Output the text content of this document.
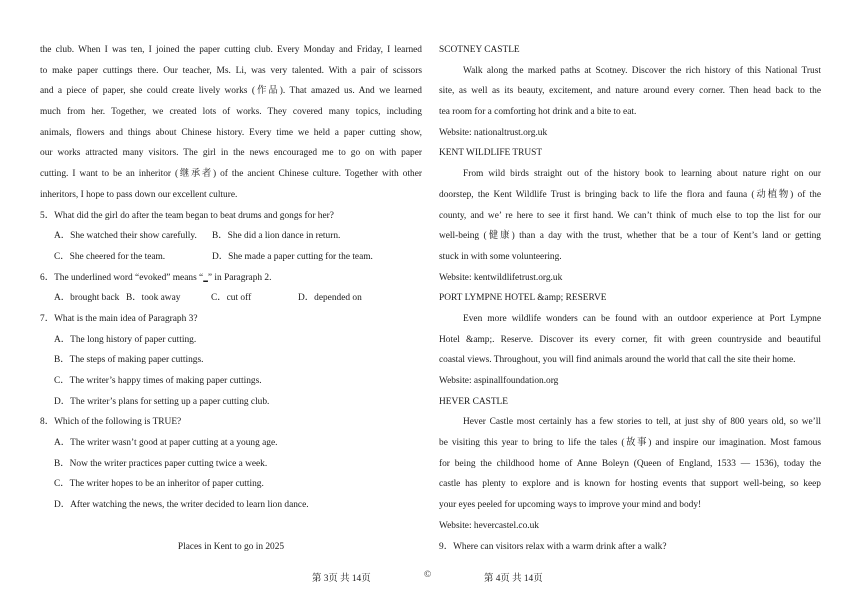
the club. When I was ten, I joined the paper cutting club. Every Monday and Friday, I learned
to make paper cuttings there. Our teacher, Ms. Li, was very talented. With a pair of scissors
and a piece of paper, she could create lively works (作品). That amazed us. And we learned
much from her. Together, we created lots of works. They covered many topics, including
animals, flowers and things about Chinese history. Every time we held a paper cutting show,
our works attracted many visitors. The girl in the news encouraged me to go on with paper
cutting. I want to be an inheritor (继承者) of the ancient Chinese culture. Together with other
inheritors, I hope to pass down our excellent culture.
5．What did the girl do after the team began to beat drums and gongs for her?
A．She watched their show carefully.	B．She did a lion dance in return.
C．She cheered for the team.	D．She made a paper cutting for the team.
6．The underlined word “evoked” means “_” in Paragraph 2.
A．brought back B．took away	C．cut off	D．depended on
7．What is the main idea of Paragraph 3?
A．The long history of paper cutting.
B．The steps of making paper cuttings.
C．The writer’s happy times of making paper cuttings.
D．The writer’s plans for setting up a paper cutting club.
8．Which of the following is TRUE?
A．The writer wasn’t good at paper cutting at a young age.
B．Now the writer practices paper cutting twice a week.
C．The writer hopes to be an inheritor of paper cutting.
D．After watching the news, the writer decided to learn lion dance.
Places in Kent to go in 2025
SCOTNEY CASTLE
Walk along the marked paths at Scotney. Discover the rich history of this National Trust
site, as well as its beauty, excitement, and nature around every corner. Then head back to the
tea room for a comforting hot drink and a bite to eat.
Website: nationaltrust.org.uk
KENT WILDLIFE TRUST
From wild birds straight out of the history book to learning about nature right on our
doorstep, the Kent Wildlife Trust is bringing back to life the flora and fauna (动植物) of the
county, and we’ re here to see it first hand. We can’t think of much else to top the list for our
well-being (健康) than a day with the trust, whether that be a tour of Kent’s land or getting
stuck in with some volunteering.
Website: kentwildlifetrust.org.uk
PORT LYMPNE HOTEL &amp; RESERVE
Even more wildlife wonders can be found with an outdoor experience at Port Lympne
Hotel &amp;. Reserve. Discover its every corner, fit with green countryside and beautiful
coastal views. Throughout, you will find animals around the world that call the site their home.
Website: aspinallfoundation.org
HEVER CASTLE
Hever Castle most certainly has a few stories to tell, at just shy of 800 years old, so we’ll
be visiting this year to bring to life the tales (故事) and inspire our imagination. Most famous
for being the childhood home of Anne Boleyn (Queen of England, 1533 — 1536), today the
castle has plenty to explore and is known for hosting events that support well-being, so keep
your eyes peeled for upcoming ways to improve your mind and body!
Website: hevercastel.co.uk
9．Where can visitors relax with a warm drink after a walk?
第 3页 共 14页	©	第 4页 共 14页
